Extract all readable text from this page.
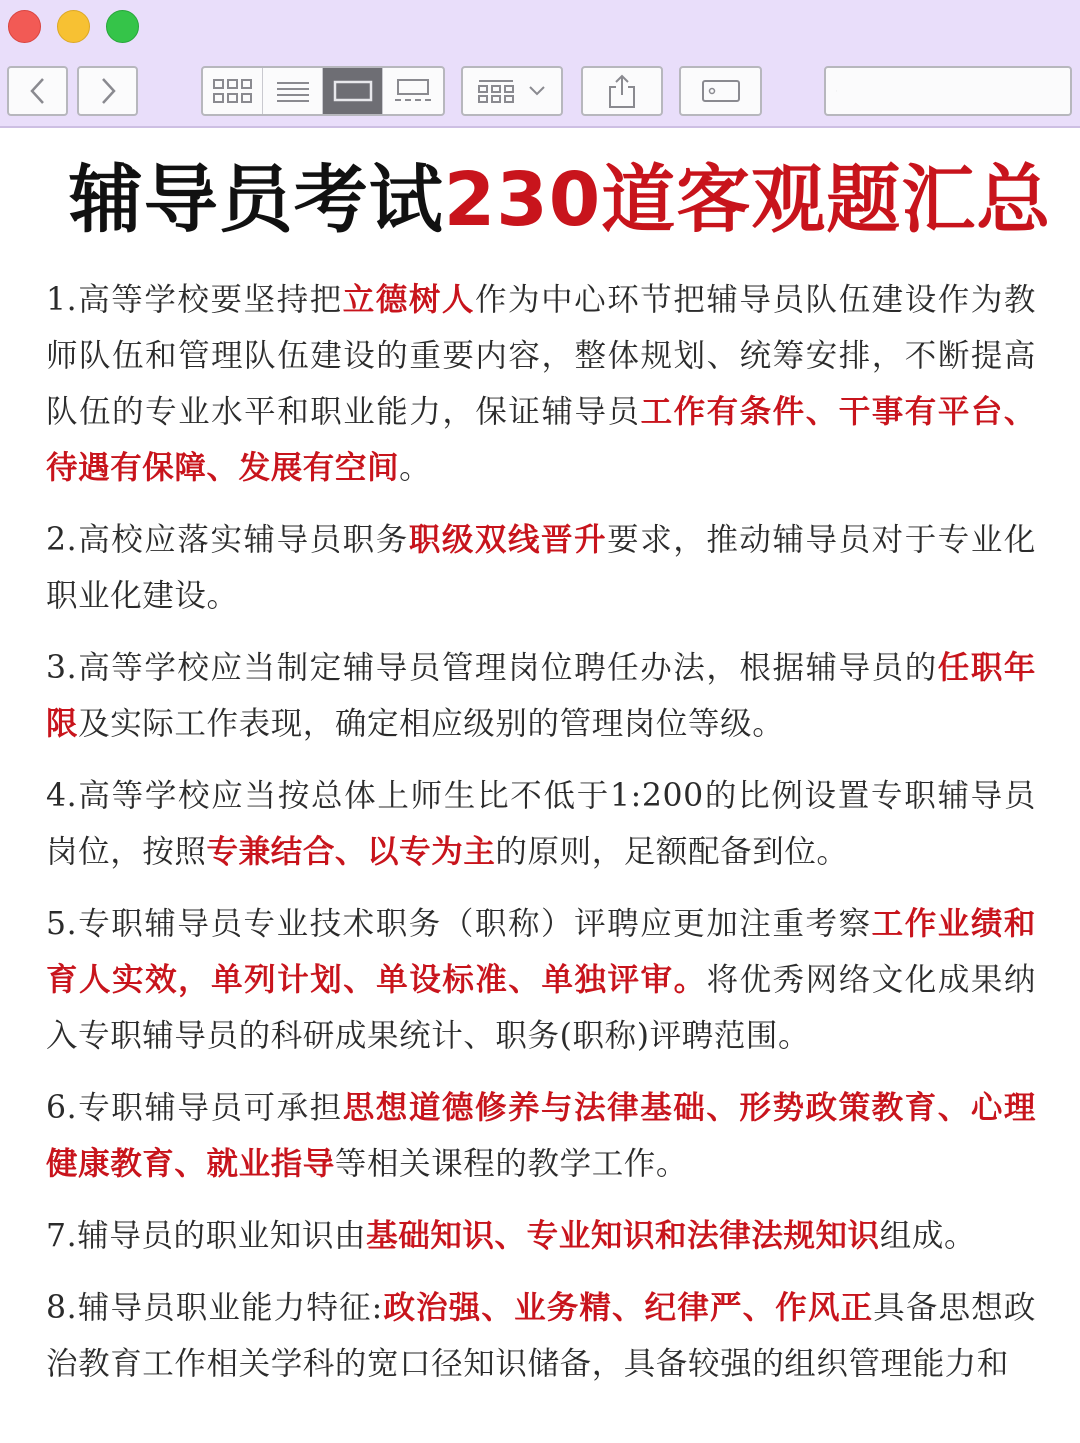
辅导员考试230道客观题汇总

1.高等学校要坚持把立德树人作为中心环节把辅导员队伍建设作为教师队伍和管理队伍建设的重要内容，整体规划、统筹安排，不断提高队伍的专业水平和职业能力，保证辅导员工作有条件、干事有平台、待遇有保障、发展有空间。

2.高校应落实辅导员职务职级双线晋升要求，推动辅导员对于专业化职业化建设。

3.高等学校应当制定辅导员管理岗位聘任办法，根据辅导员的任职年限及实际工作表现，确定相应级别的管理岗位等级。

4.高等学校应当按总体上师生比不低于1:200的比例设置专职辅导员岗位，按照专兼结合、以专为主的原则，足额配备到位。

5.专职辅导员专业技术职务（职称）评聘应更加注重考察工作业绩和育人实效，单列计划、单设标准、单独评审。将优秀网络文化成果纳入专职辅导员的科研成果统计、职务(职称)评聘范围。

6.专职辅导员可承担思想道德修养与法律基础、形势政策教育、心理健康教育、就业指导等相关课程的教学工作。

7.辅导员的职业知识由基础知识、专业知识和法律法规知识组成。

8.辅导员职业能力特征:政治强、业务精、纪律严、作风正具备思想政治教育工作相关学科的宽口径知识储备，具备较强的组织管理能力和
